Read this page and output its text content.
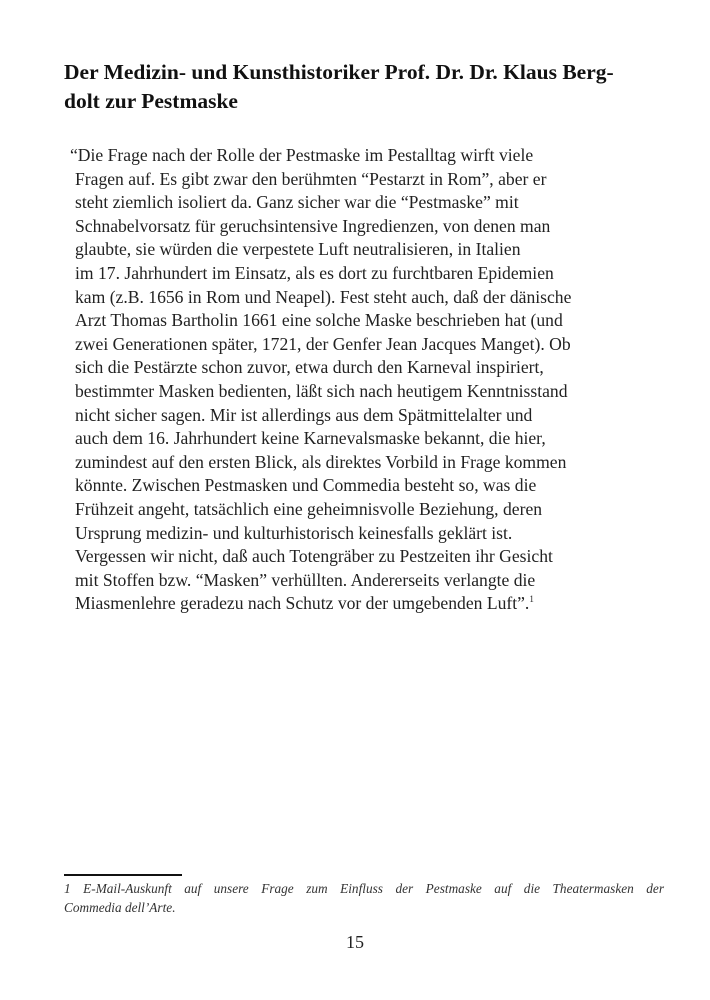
Der Medizin- und Kunsthistoriker Prof. Dr. Dr. Klaus Berg-
dolt zur Pestmaske
“Die Frage nach der Rolle der Pestmaske im Pestalltag wirft viele
Fragen auf. Es gibt zwar den berühmten “Pestarzt in Rom”, aber er
steht ziemlich isoliert da. Ganz sicher war die “Pestmaske” mit
Schnabelvorsatz für geruchsintensive Ingredienzen, von denen man
glaubte, sie würden die verpestete Luft neutralisieren, in Italien
im 17. Jahrhundert im Einsatz, als es dort zu furchtbaren Epidemien
kam (z.B. 1656 in Rom und Neapel). Fest steht auch, daß der dänische
Arzt Thomas Bartholin 1661 eine solche Maske beschrieben hat (und
zwei Generationen später, 1721, der Genfer Jean Jacques Manget). Ob
sich die Pestärzte schon zuvor, etwa durch den Karneval inspiriert,
bestimmter Masken bedienten, läßt sich nach heutigem Kenntnisstand
nicht sicher sagen. Mir ist allerdings aus dem Spätmittelalter und
auch dem 16. Jahrhundert keine Karnevalsmaske bekannt, die hier,
zumindest auf den ersten Blick, als direktes Vorbild in Frage kommen
könnte. Zwischen Pestmasken und Commedia besteht so, was die
Frühzeit angeht, tatsächlich eine geheimnisvolle Beziehung, deren
Ursprung medizin- und kulturhistorisch keinesfalls geklärt ist.
Vergessen wir nicht, daß auch Totengräber zu Pestzeiten ihr Gesicht
mit Stoffen bzw. “Masken” verhüllten. Andererseits verlangte die
Miasmenlehre geradezu nach Schutz vor der umgebenden Luft”.$^1$
1 E-Mail-Auskunft auf unsere Frage zum Einfluss der Pestmaske auf die Theatermasken der
Commedia dell’Arte.
15
